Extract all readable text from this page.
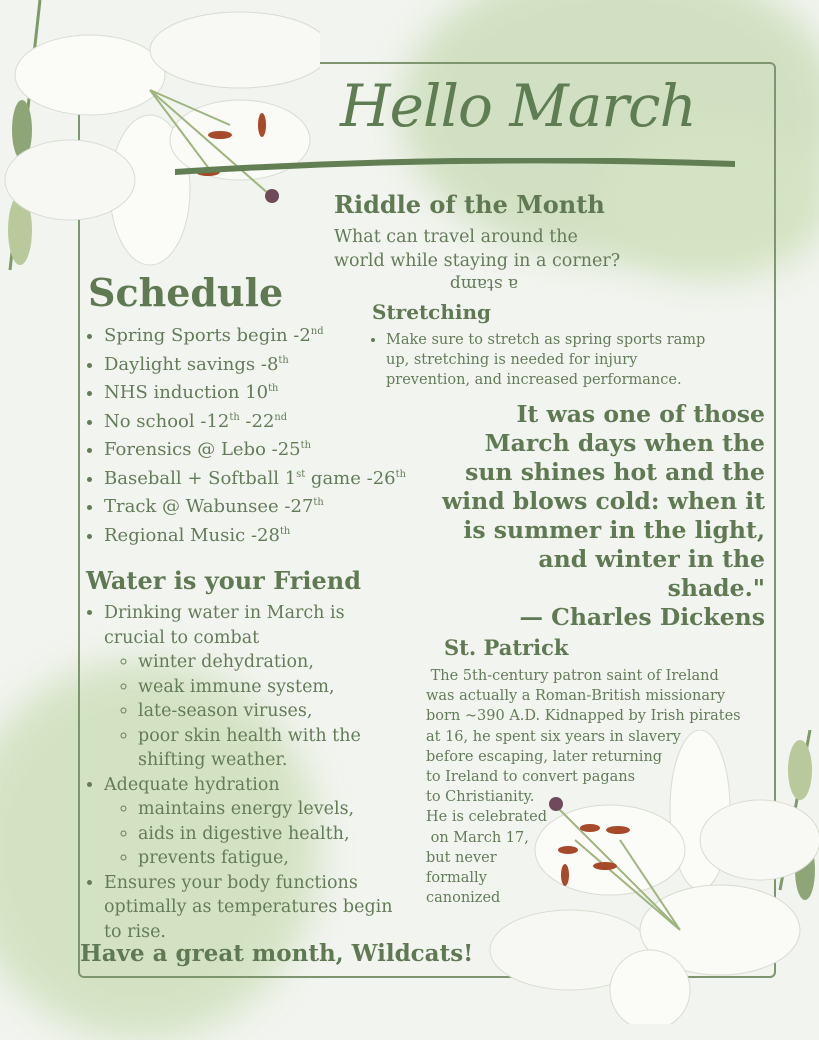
Hello March

Riddle of the Month

What can travel around the
world while staying in a corner?
a stamp

Schedule

• Spring Sports begin -2nd
• Daylight savings -8th
• NHS induction 10th
• No school -12th -22nd
• Forensics @ Lebo -25th
• Baseball + Softball 1st game -26th
• Track @ Wabunsee -27th
• Regional Music -28th

Stretching

• Make sure to stretch as spring sports ramp up, stretching is needed for injury prevention, and increased performance.
It was one of those March days when the sun shines hot and the wind blows cold: when it is summer in the light, and winter in the shade."
— Charles Dickens

Water is your Friend

• Drinking water in March is crucial to combat
◦ winter dehydration,
◦ weak immune system,
◦ late-season viruses,
◦ poor skin health with the shifting weather.
• Adequate hydration
◦ maintains energy levels,
◦ aids in digestive health,
◦ prevents fatigue,
• Ensures your body functions optimally as temperatures begin to rise.

St. Patrick

The 5th-century patron saint of Ireland
was actually a Roman-British missionary
born ~390 A.D. Kidnapped by Irish pirates
at 16, he spent six years in slavery
before escaping, later returning
to Ireland to convert pagans
to Christianity.
He is celebrated
on March 17,
but never
formally
canonized
Have a great month, Wildcats!
